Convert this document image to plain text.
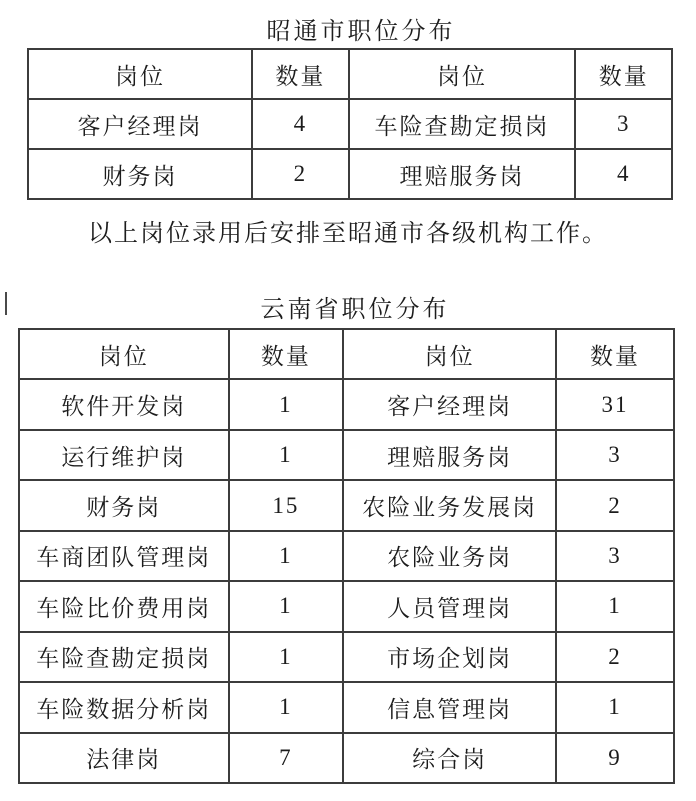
昭通市职位分布
岗位	数量	岗位	数量
客户经理岗	4	车险查勘定损岗	3
财务岗	2	理赔服务岗	4
以上岗位录用后安排至昭通市各级机构工作。
云南省职位分布
岗位	数量	岗位	数量
软件开发岗	1	客户经理岗	31
运行维护岗	1	理赔服务岗	3
财务岗	15	农险业务发展岗	2
车商团队管理岗	1	农险业务岗	3
车险比价费用岗	1	人员管理岗	1
车险查勘定损岗	1	市场企划岗	2
车险数据分析岗	1	信息管理岗	1
法律岗	7	综合岗	9
